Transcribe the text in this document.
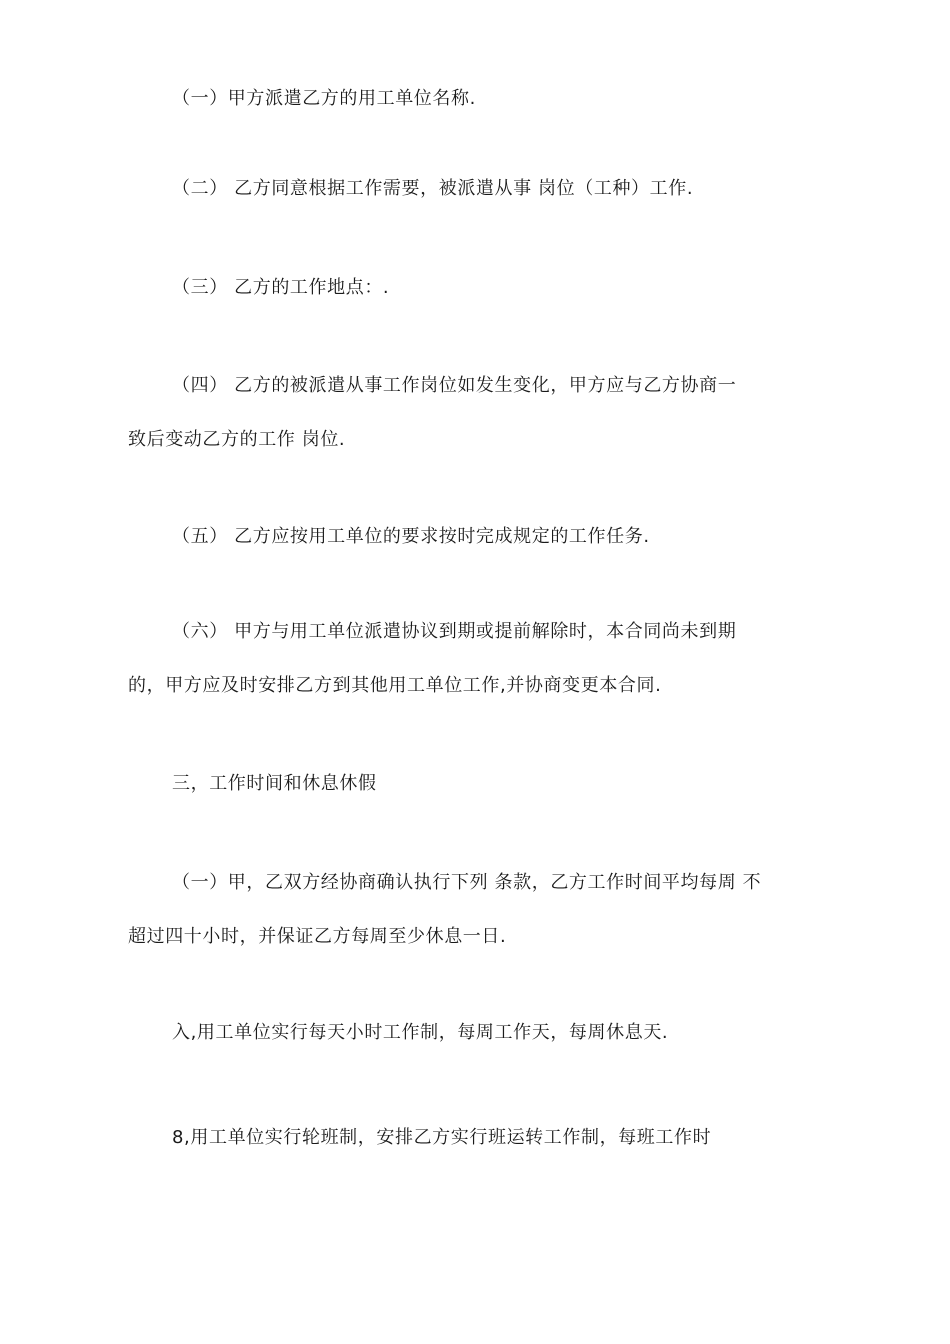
（一）甲方派遣乙方的用工单位名称.
（二） 乙方同意根据工作需要，被派遣从事 岗位（工种）工作.
（三） 乙方的工作地点：.
（四） 乙方的被派遣从事工作岗位如发生变化，甲方应与乙方协商一
致后变动乙方的工作 岗位.
（五） 乙方应按用工单位的要求按时完成规定的工作任务.
（六） 甲方与用工单位派遣协议到期或提前解除时，本合同尚未到期
的，甲方应及时安排乙方到其他用工单位工作,并协商变更本合同.
三，工作时间和休息休假
（一）甲，乙双方经协商确认执行下列 条款，乙方工作时间平均每周 不
超过四十小时，并保证乙方每周至少休息一日.
入,用工单位实行每天小时工作制，每周工作天，每周休息天.
8,用工单位实行轮班制，安排乙方实行班运转工作制，每班工作时
